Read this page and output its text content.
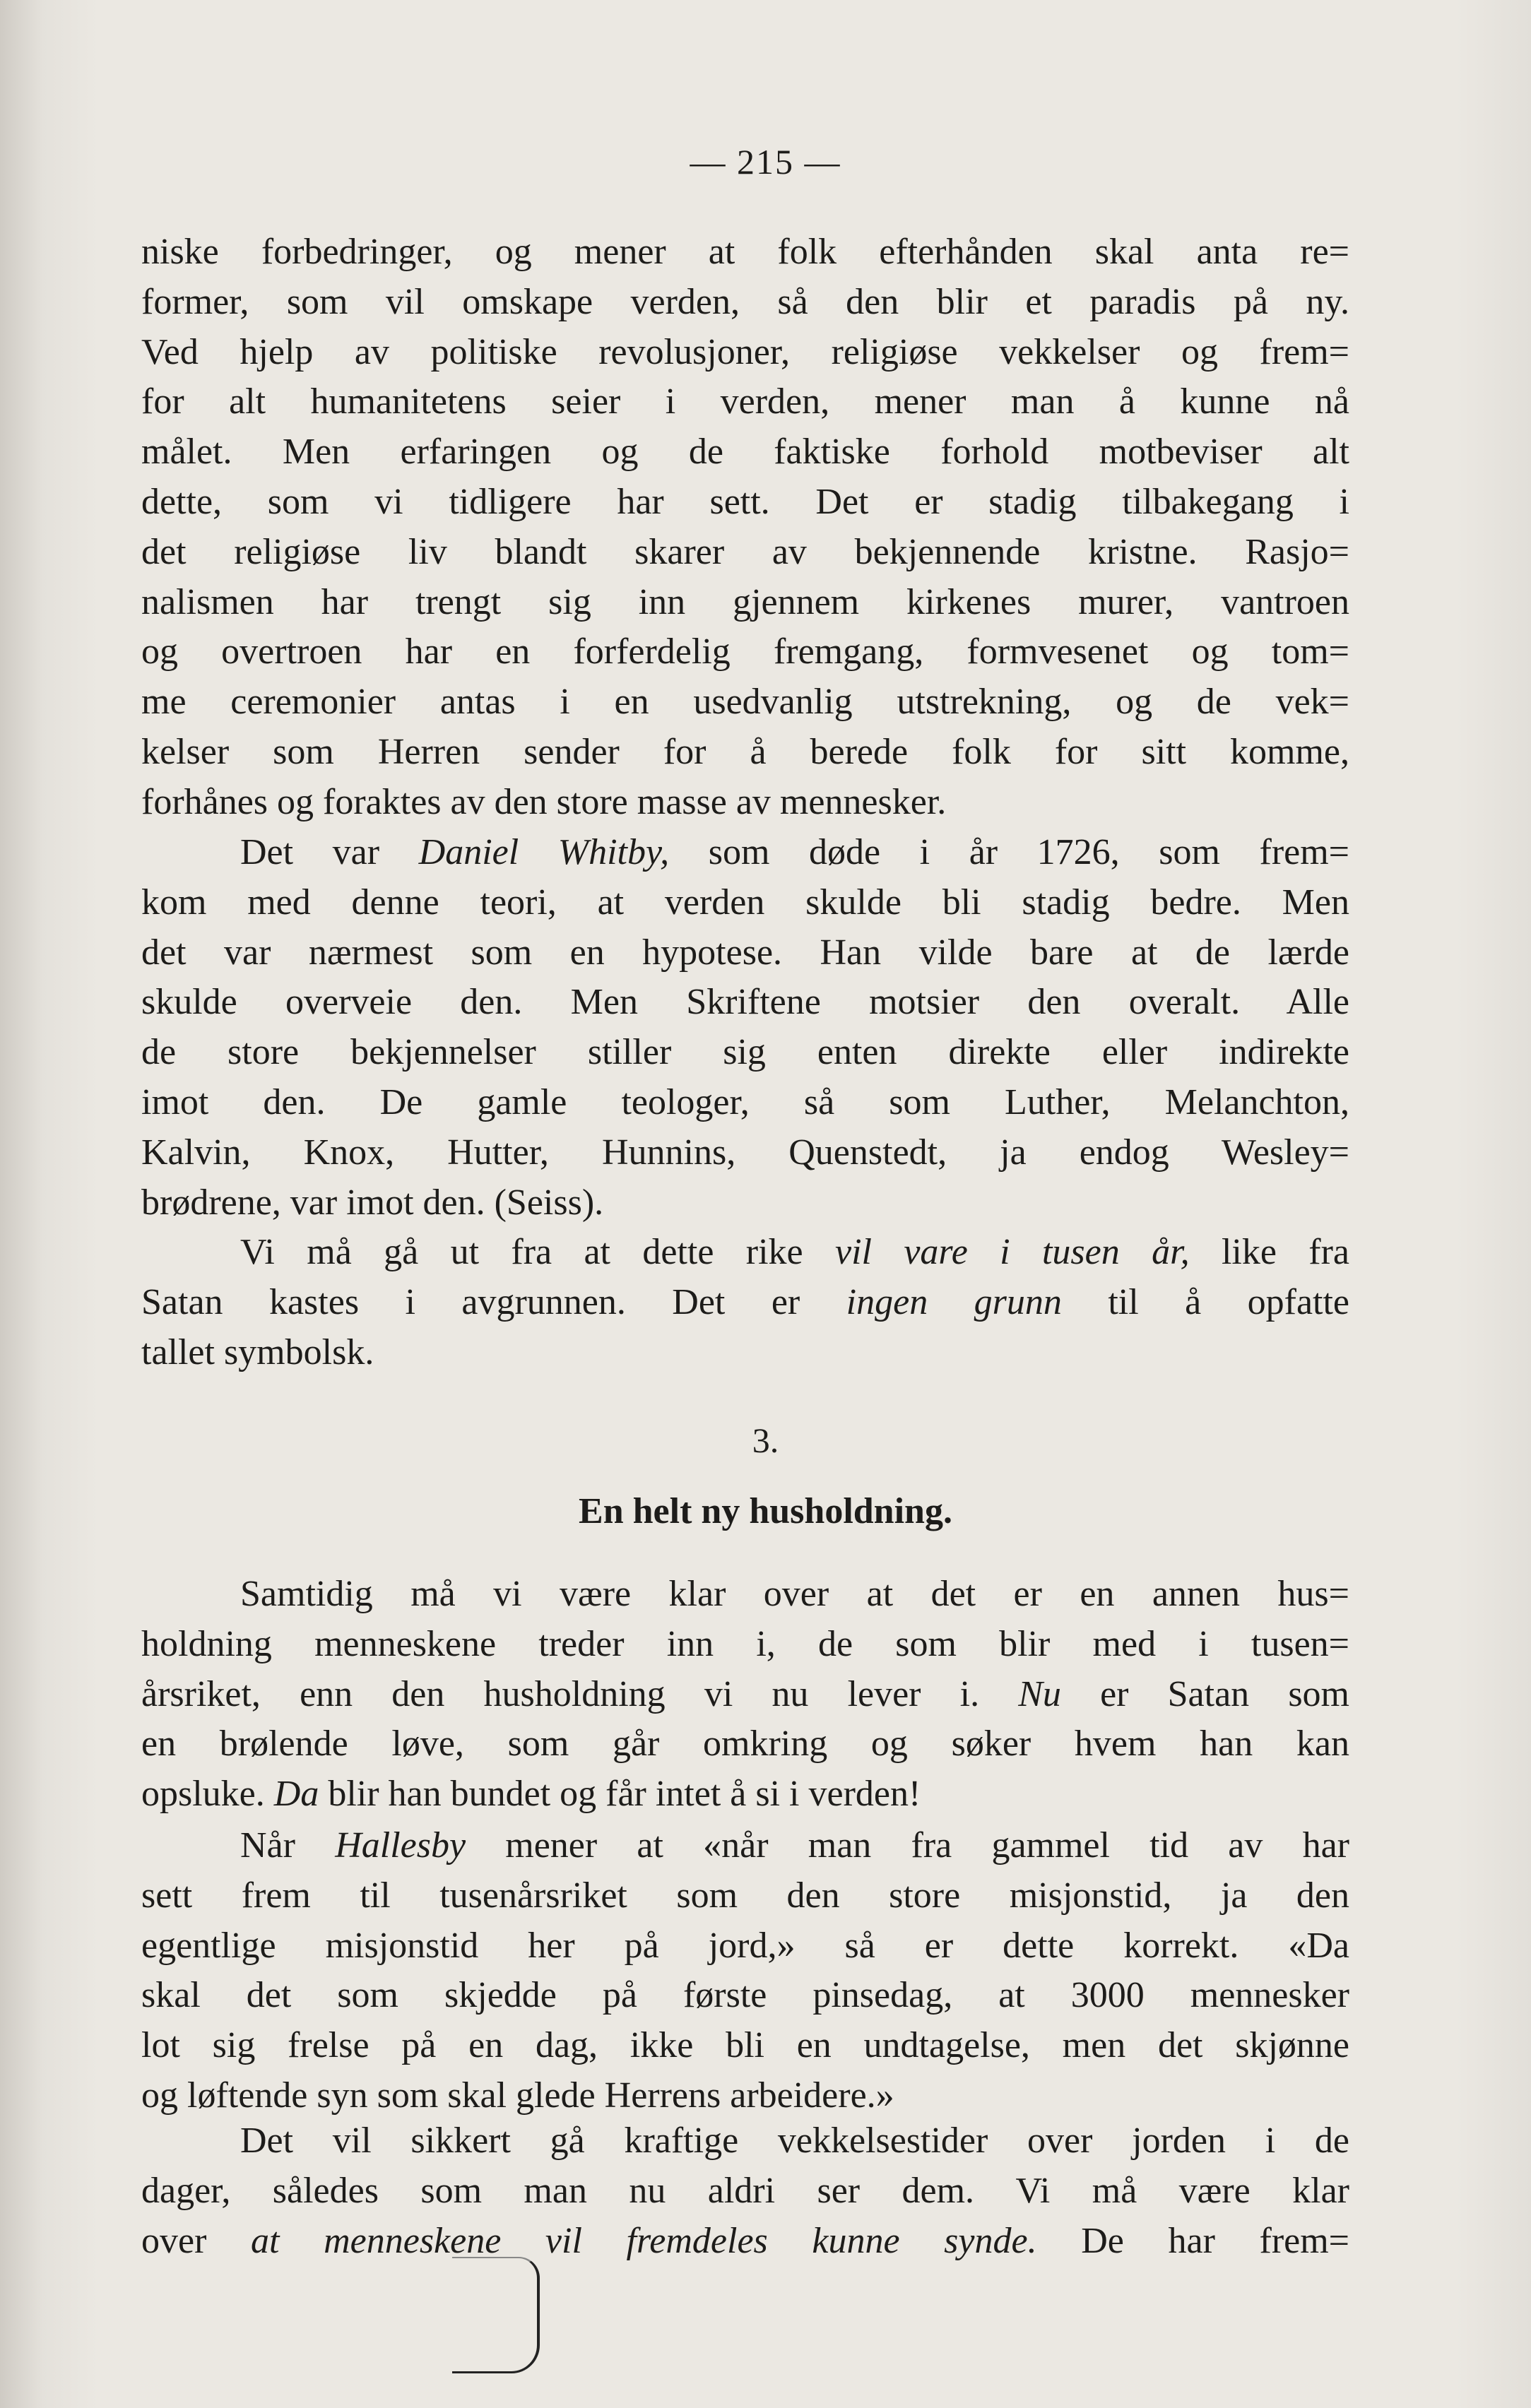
— 215 —
niske forbedringer, og mener at folk efterhånden skal anta re=
former, som vil omskape verden, så den blir et paradis på ny.
Ved hjelp av politiske revolusjoner, religiøse vekkelser og frem=
for alt humanitetens seier i verden, mener man å kunne nå
målet. Men erfaringen og de faktiske forhold motbeviser alt
dette, som vi tidligere har sett. Det er stadig tilbakegang i
det religiøse liv blandt skarer av bekjennende kristne. Rasjo=
nalismen har trengt sig inn gjennem kirkenes murer, vantroen
og overtroen har en forferdelig fremgang, formvesenet og tom=
me ceremonier antas i en usedvanlig utstrekning, og de vek=
kelser som Herren sender for å berede folk for sitt komme,
forhånes og foraktes av den store masse av mennesker.
Det var Daniel Whitby, som døde i år 1726, som frem=
kom med denne teori, at verden skulde bli stadig bedre. Men
det var nærmest som en hypotese. Han vilde bare at de lærde
skulde overveie den. Men Skriftene motsier den overalt. Alle
de store bekjennelser stiller sig enten direkte eller indirekte
imot den. De gamle teologer, så som Luther, Melanchton,
Kalvin, Knox, Hutter, Hunnins, Quenstedt, ja endog Wesley=
brødrene, var imot den. (Seiss).
Vi må gå ut fra at dette rike vil vare i tusen år, like fra
Satan kastes i avgrunnen. Det er ingen grunn til å opfatte
tallet symbolsk.
3.
En helt ny husholdning.
Samtidig må vi være klar over at det er en annen hus=
holdning menneskene treder inn i, de som blir med i tusen=
årsriket, enn den husholdning vi nu lever i. Nu er Satan som
en brølende løve, som går omkring og søker hvem han kan
opsluke. Da blir han bundet og får intet å si i verden!
Når Hallesby mener at «når man fra gammel tid av har
sett frem til tusenårsriket som den store misjonstid, ja den
egentlige misjonstid her på jord,» så er dette korrekt. «Da
skal det som skjedde på første pinsedag, at 3000 mennesker
lot sig frelse på en dag, ikke bli en undtagelse, men det skjønne
og løftende syn som skal glede Herrens arbeidere.»
Det vil sikkert gå kraftige vekkelsestider over jorden i de
dager, således som man nu aldri ser dem. Vi må være klar
over at menneskene vil fremdeles kunne synde. De har frem=
